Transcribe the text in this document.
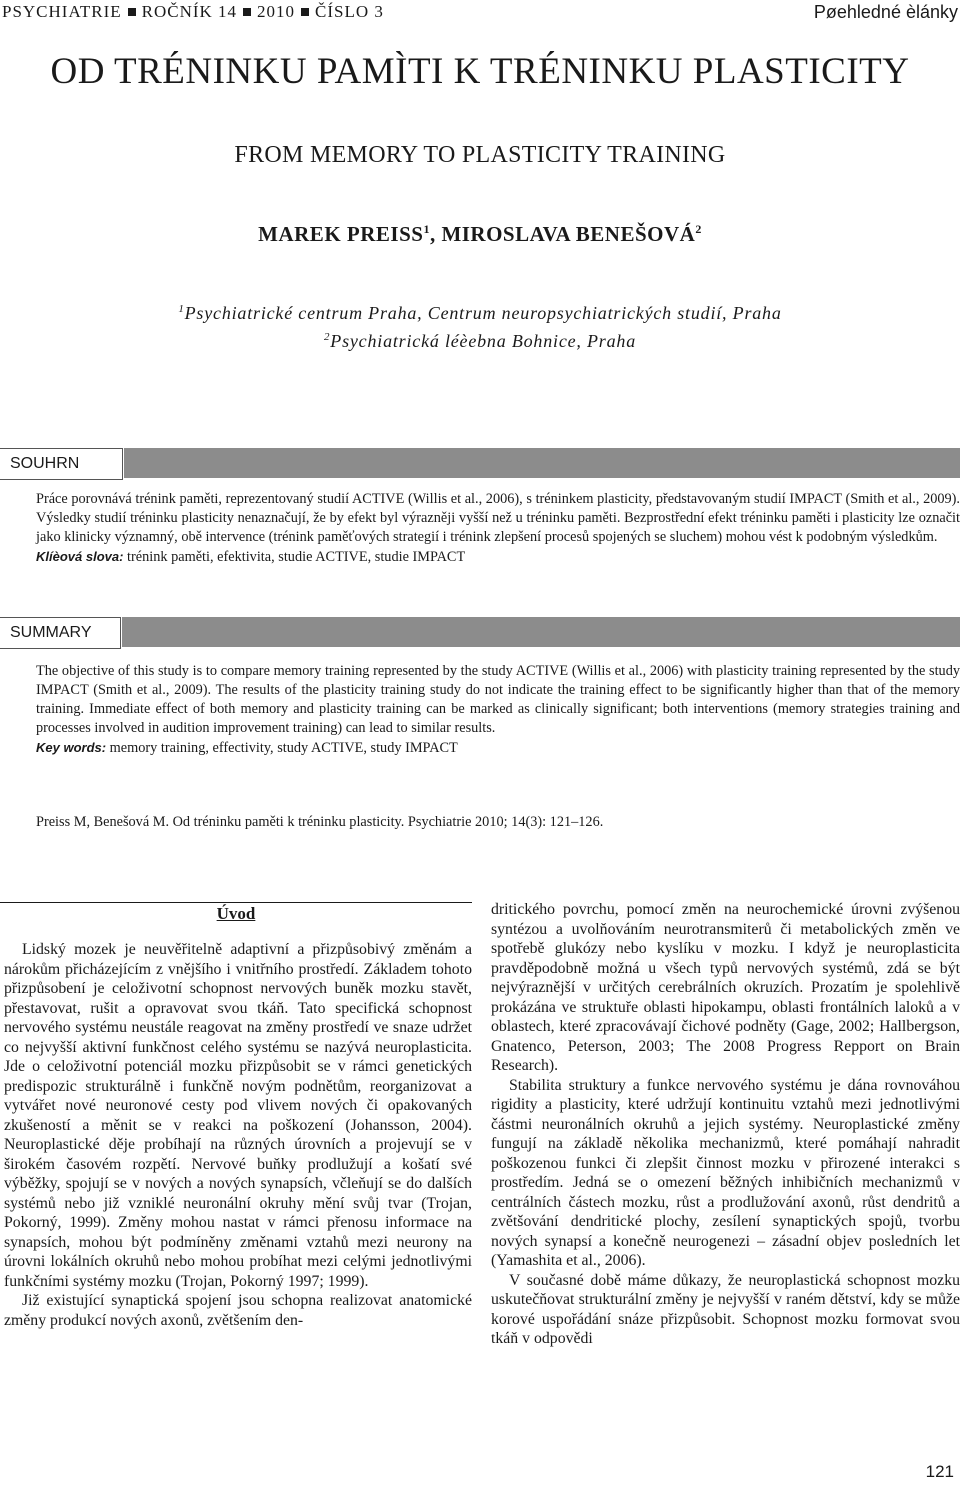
PSYCHIATRIE ROČNÍK 14 2010 ČÍSLO 3	Pøehledné èlánky
OD TRÉNINKU PAMÌTI K TRÉNINKU PLASTICITY
FROM MEMORY TO PLASTICITY TRAINING
MAREK PREISS$^1$, MIROSLAVA BENEŠOVÁ$^2$
$^1$Psychiatrické centrum Praha, Centrum neuropsychiatrických studií, Praha
$^2$Psychiatrická léèebna Bohnice, Praha
SOUHRN
Práce porovnává trénink paměti, reprezentovaný studií ACTIVE (Willis et al., 2006), s tréninkem plasticity, představovaným studií IMPACT (Smith et al., 2009). Výsledky studií tréninku plasticity nenaznačují, že by efekt byl výrazněji vyšší než u tréninku paměti. Bezprostřední efekt tréninku paměti i plasticity lze označit jako klinicky významný, obě intervence (trénink paměťových strategií i trénink zlepšení procesů spojených se sluchem) mohou vést k podobným výsledkům.
Klíèová slova: trénink paměti, efektivita, studie ACTIVE, studie IMPACT
SUMMARY
The objective of this study is to compare memory training represented by the study ACTIVE (Willis et al., 2006) with plasticity training represented by the study IMPACT (Smith et al., 2009). The results of the plasticity training study do not indicate the training effect to be significantly higher than that of the memory training. Immediate effect of both memory and plasticity training can be marked as clinically significant; both interventions (memory strategies training and processes involved in audition improvement training) can lead to similar results.
Key words: memory training, effectivity, study ACTIVE, study IMPACT
Preiss M, Benešová M. Od tréninku paměti k tréninku plasticity. Psychiatrie 2010; 14(3): 121–126.
Úvod

Lidský mozek je neuvěřitelně adaptivní a přizpůsobivý změnám a nárokům přicházejícím z vnějšího i vnitřního prostředí. Základem tohoto přizpůsobení je celoživotní schopnost nervových buněk mozku stavět, přestavovat, rušit a opravovat svou tkáň. Tato specifická schopnost nervového systému neustále reagovat na změny prostředí ve snaze udržet co nejvyšší aktivní funkčnost celého systému se nazývá neuroplasticita. Jde o celoživotní potenciál mozku přizpůsobit se v rámci genetických predispozic strukturálně i funkčně novým podnětům, reorganizovat a vytvářet nové neuronové cesty pod vlivem nových či opakovaných zkušeností a měnit se v reakci na poškození (Johansson, 2004). Neuroplastické děje probíhají na různých úrovních a projevují se v širokém časovém rozpětí. Nervové buňky prodlužují a košatí své výběžky, spojují se v nových a nových synapsích, včleňují se do dalších systémů nebo již vzniklé neuronální okruhy mění svůj tvar (Trojan, Pokorný, 1999). Změny mohou nastat v rámci přenosu informace na synapsích, mohou být podmíněny změnami vztahů mezi neurony na úrovni lokálních okruhů nebo mohou probíhat mezi celými jednotlivými funkčními systémy mozku (Trojan, Pokorný 1997; 1999).

Již existující synaptická spojení jsou schopna realizovat anatomické změny produkcí nových axonů, zvětšením den-

dritického povrchu, pomocí změn na neurochemické úrovni zvýšenou syntézou a uvolňováním neurotransmiterů či metabolických změn ve spotřebě glukózy nebo kyslíku v mozku. I když je neuroplasticita pravděpodobně možná u všech typů nervových systémů, zdá se být nejvýraznější v určitých cerebrálních okruzích. Prozatím je spolehlivě prokázána ve struktuře oblasti hipokampu, oblasti frontálních laloků a v oblastech, které zpracovávají čichové podněty (Gage, 2002; Hallbergson, Gnatenco, Peterson, 2003; The 2008 Progress Repport on Brain Research).

Stabilita struktury a funkce nervového systému je dána rovnováhou rigidity a plasticity, které udržují kontinuitu vztahů mezi jednotlivými částmi neuronálních okruhů a jejich systémy. Neuroplastické změny fungují na základě několika mechanizmů, které pomáhají nahradit poškozenou funkci či zlepšit činnost mozku v přirozené interakci s prostředím. Jedná se o omezení běžných inhibičních mechanizmů v centrálních částech mozku, růst a prodlužování axonů, růst dendritů a zvětšování dendritické plochy, zesílení synaptických spojů, tvorbu nových synapsí a konečně neurogenezi – zásadní objev posledních let (Yamashita et al., 2006).

V současné době máme důkazy, že neuroplastická schopnost mozku uskutečňovat strukturální změny je nejvyšší v raném dětství, kdy se může korové uspořádání snáze přizpůsobit. Schopnost mozku formovat svou tkáň v odpovědi

121
